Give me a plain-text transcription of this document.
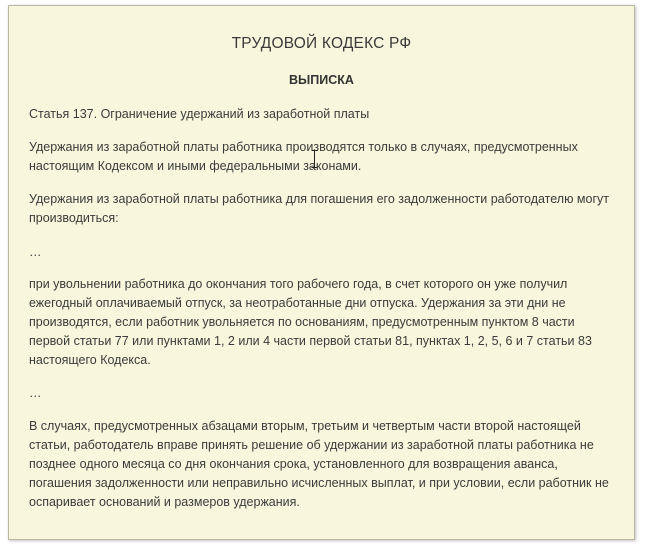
ТРУДОВОЙ КОДЕКС РФ
ВЫПИСКА

Статья 137. Ограничение удержаний из заработной платы

Удержания из заработной платы работника производятся только в случаях, предусмотренных настоящим Кодексом и иными федеральными законами.

Удержания из заработной платы работника для погашения его задолженности работодателю могут производиться:

…

при увольнении работника до окончания того рабочего года, в счет которого он уже получил ежегодный оплачиваемый отпуск, за неотработанные дни отпуска. Удержания за эти дни не производятся, если работник увольняется по основаниям, предусмотренным пунктом 8 части первой статьи 77 или пунктами 1, 2 или 4 части первой статьи 81, пунктах 1, 2, 5, 6 и 7 статьи 83 настоящего Кодекса.

…

В случаях, предусмотренных абзацами вторым, третьим и четвертым части второй настоящей статьи, работодатель вправе принять решение об удержании из заработной платы работника не позднее одного месяца со дня окончания срока, установленного для возвращения аванса, погашения задолженности или неправильно исчисленных выплат, и при условии, если работник не оспаривает оснований и размеров удержания.
